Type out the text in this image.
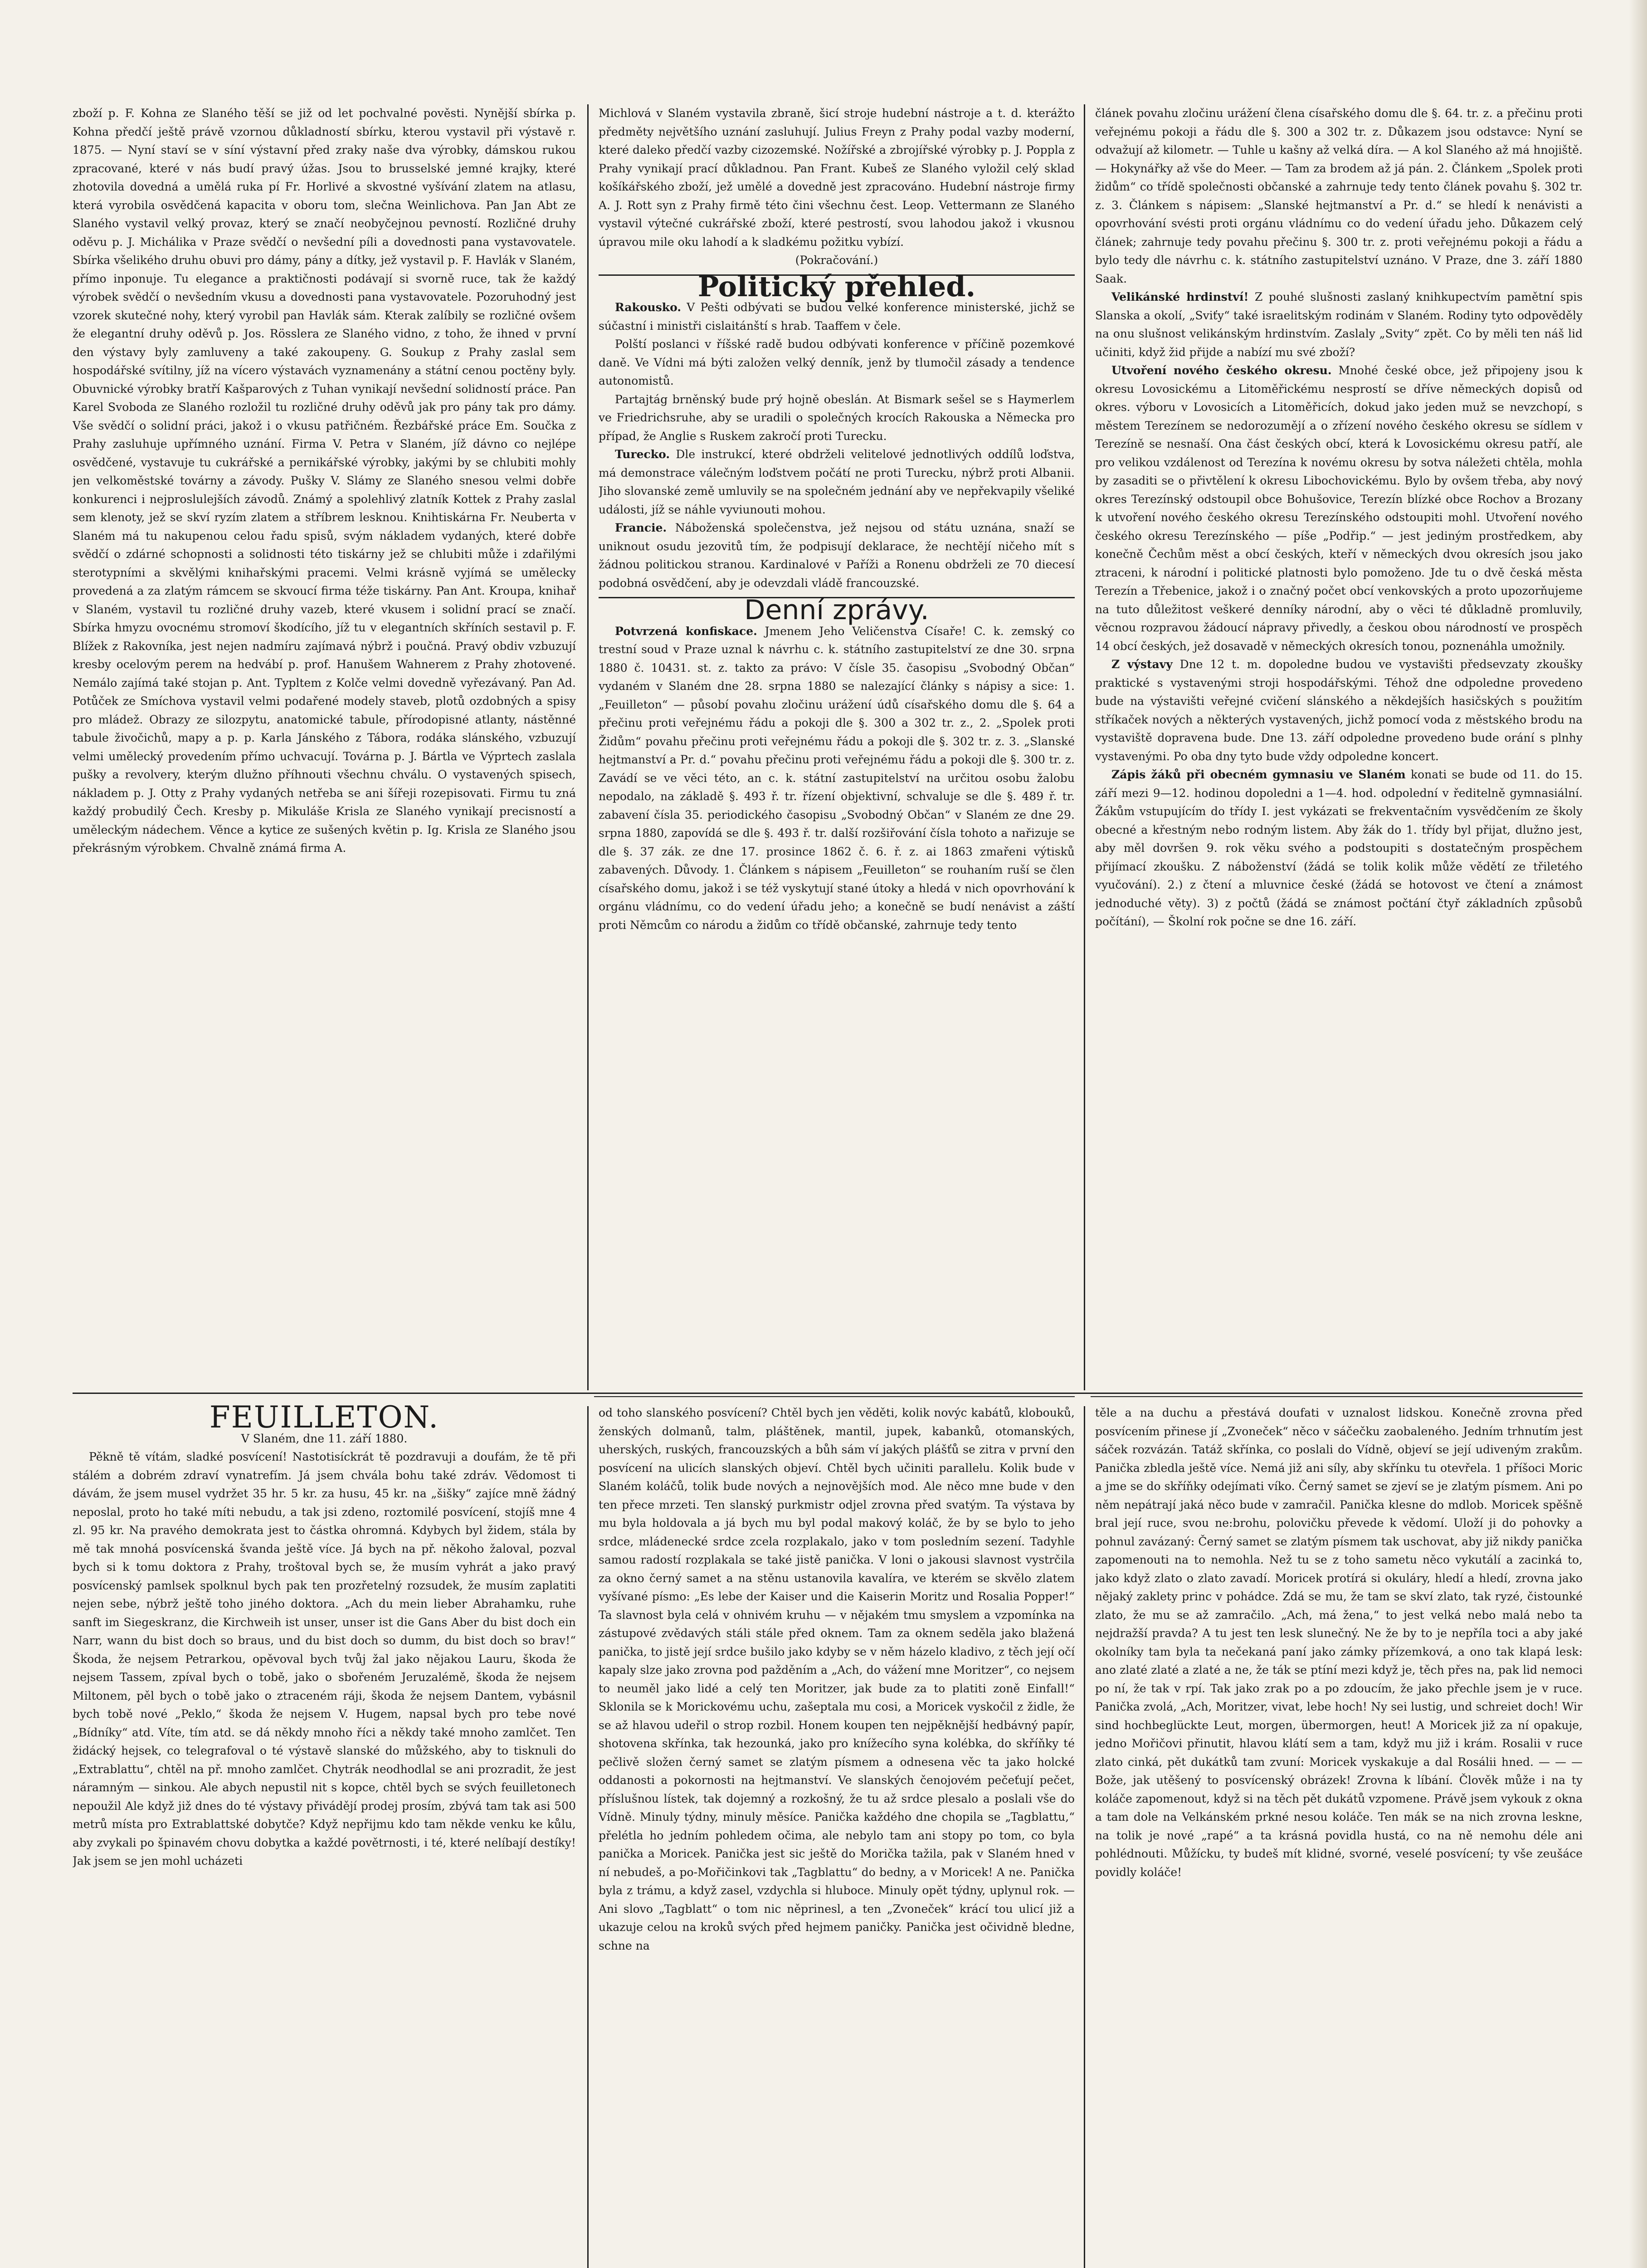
zboží p. F. Kohna ze Slaného těší se již od let pochvalné pověsti. Nynější sbírka p. Kohna předčí ještě právě vzornou důkladností sbírku, kterou vystavil při výstavě r. 1875. — Nyní staví se v síní výstavní před zraky naše dva výrobky, dámskou rukou zpracované, které v nás budí pravý úžas. Jsou to brusselské jemné krajky, které zhotovila dovedná a umělá ruka pí Fr. Horlivé a skvostné vyšívání zlatem na atlasu, která vyrobila osvědčená kapacita v oboru tom, slečna Weinlichova. Pan Jan Abt ze Slaného vystavil velký provaz, který se značí neobyčejnou pevností. Rozličné druhy oděvu p. J. Michálika v Praze svědčí o nevšední píli a dovednosti pana vystavovatele. Sbírka všelikého druhu obuvi pro dámy, pány a dítky, jež vystavil p. F. Havlák v Slaném, přímo inponuje. Tu elegance a praktičnosti podávají si svorně ruce, tak že každý výrobek svědčí o nevšedním vkusu a dovednosti pana vystavovatele. Pozoruhodný jest vzorek skutečné nohy, který vyrobil pan Havlák sám. Kterak zalíbily se rozličné ovšem že elegantní druhy oděvů p. Jos. Rösslera ze Slaného vidno, z toho, že ihned v první den výstavy byly zamluveny a také zakoupeny. G. Soukup z Prahy zaslal sem hospodářské svítilny, jíž na vícero výstavách vyznamenány a státní cenou poctěny byly. Obuvnické výrobky bratří Kašparových z Tuhan vynikají nevšední solidností práce. Pan Karel Svoboda ze Slaného rozložil tu rozličné druhy oděvů jak pro pány tak pro dámy. Vše svědčí o solidní práci, jakož i o vkusu patřičném. Řezbářské práce Em. Součka z Prahy zasluhuje upřímného uznání. Firma V. Petra v Slaném, jíž dávno co nejlépe osvědčené, vystavuje tu cukrářské a pernikářské výrobky, jakými by se chlubiti mohly jen velkoměstské továrny a závody. Pušky V. Slámy ze Slaného snesou velmi dobře konkurenci i nejproslulejších závodů. Známý a spolehlivý zlatník Kottek z Prahy zaslal sem klenoty, jež se skví ryzím zlatem a stříbrem lesknou. Knihtiskárna Fr. Neuberta v Slaném má tu nakupenou celou řadu spisů, svým nákladem vydaných, které dobře svědčí o zdárné schopnosti a solidnosti této tiskárny jež se chlubiti může i zdařilými sterotypními a skvělými knihařskými pracemi. Velmi krásně vyjímá se umělecky provedená a za zlatým rámcem se skvoucí firma téže tiskárny. Pan Ant. Kroupa, knihař v Slaném, vystavil tu rozličné druhy vazeb, které vkusem i solidní prací se značí. Sbírka hmyzu ovocnému stromoví škodícího, jíž tu v elegantních skříních sestavil p. F. Blížek z Rakovníka, jest nejen nadmíru zajímavá nýbrž i poučná. Pravý obdiv vzbuzují kresby ocelovým perem na hedvábí p. prof. Hanušem Wahnerem z Prahy zhotovené. Nemálo zajímá také stojan p. Ant. Typltem z Kolče velmi dovedně vyřezávaný. Pan Ad. Potůček ze Smíchova vystavil velmi podařené modely staveb, plotů ozdobných a spisy pro mládež. Obrazy ze silozpytu, anatomické tabule, přírodopisné atlanty, nástěnné tabule živočichů, mapy a p. p. Karla Jánského z Tábora, rodáka slánského, vzbuzují velmi umělecký provedením přímo uchvacují. Továrna p. J. Bártla ve Výprtech zaslala pušky a revolvery, kterým dlužno příhnouti všechnu chválu. O vystavených spisech, nákladem p. J. Otty z Prahy vydaných netřeba se ani šířeji rozepisovati. Firmu tu zná každý probudilý Čech. Kresby p. Mikuláše Krisla ze Slaného vynikají precisností a uměleckým nádechem. Věnce a kytice ze sušených květin p. Ig. Krisla ze Slaného jsou překrásným výrobkem. Chvalně známá firma A.

Michlová v Slaném vystavila zbraně, šicí stroje hudební nástroje a t. d. kterážto předměty největšího uznání zasluhují. Julius Freyn z Prahy podal vazby moderní, které daleko předčí vazby cizozemské. Nožířské a zbrojířské výrobky p. J. Poppla z Prahy vynikají prací důkladnou. Pan Frant. Kubeš ze Slaného vyložil celý sklad košíkářského zboží, jež umělé a dovedně jest zpracováno. Hudební nástroje firmy A. J. Rott syn z Prahy firmě této čini všechnu čest. Leop. Vettermann ze Slaného vystavil výtečné cukrářské zboží, které pestrostí, svou lahodou jakož i vkusnou úpravou mile oku lahodí a k sladkému požitku vybízí.

(Pokračování.)

Politický přehled.

Rakousko. V Pešti odbývati se budou velké konference ministerské, jichž se súčastní i ministři cislaitánští s hrab. Taaffem v čele.

Polští poslanci v říšské radě budou odbývati konference v příčině pozemkové daně. Ve Vídni má býti založen velký denník, jenž by tlumočil zásady a tendence autonomistů.

Partajtág brněnský bude prý hojně obeslán. At Bismark sešel se s Haymerlem ve Friedrichsruhe, aby se uradili o společných krocích Rakouska a Německa pro případ, že Anglie s Ruskem zakročí proti Turecku.

Turecko. Dle instrukcí, které obdrželi velitelové jednotlivých oddílů loďstva, má demonstrace válečným loďstvem počátí ne proti Turecku, nýbrž proti Albanii. Jiho slovanské země umluvily se na společném jednání aby ve nepřekvapily všeliké události, jíž se náhle vyviunouti mohou.

Francie. Náboženská společenstva, jež nejsou od státu uznána, snaží se uniknout osudu jezovitů tím, že podpisují deklarace, že nechtějí ničeho mít s žádnou politickou stranou. Kardinalové v Paříži a Ronenu obdrželi ze 70 diecesí podobná osvědčení, aby je odevzdali vládě francouzské.

Denní zprávy.

Potvrzená konfiskace. Jmenem Jeho Veličenstva Císaře! C. k. zemský co trestní soud v Praze uznal k návrhu c. k. státního zastupitelství ze dne 30. srpna 1880 č. 10431. st. z. takto za právo: V čísle 35. časopisu „Svobodný Občan“ vydaném v Slaném dne 28. srpna 1880 se nalezající články s nápisy a sice: 1. „Feuilleton“ — působí povahu zločinu urážení údů císařského domu dle §. 64 a přečinu proti veřejnému řádu a pokoji dle §. 300 a 302 tr. z., 2. „Spolek proti Židům“ povahu přečinu proti veřejnému řádu a pokoji dle §. 302 tr. z. 3. „Slanské hejtmanství a Pr. d.“ povahu přečinu proti veřejnému řádu a pokoji dle §. 300 tr. z. Zavádí se ve věci této, an c. k. státní zastupitelství na určitou osobu žalobu nepodalo, na základě §. 493 ř. tr. řízení objektivní, schvaluje se dle §. 489 ř. tr. zabavení čísla 35. periodického časopisu „Svobodný Občan“ v Slaném ze dne 29. srpna 1880, zapovídá se dle §. 493 ř. tr. další rozšiřování čísla tohoto a nařizuje se dle §. 37 zák. ze dne 17. prosince 1862 č. 6. ř. z. ai 1863 zmařeni výtisků zabavených. Důvody. 1. Článkem s nápisem „Feuilleton“ se rouhaním ruší se člen císařského domu, jakož i se též vyskytují stané útoky a hledá v nich opovrhování k orgánu vládnímu, co do vedení úřadu jeho; a konečně se budí nenávist a záští proti Němcům co národu a židům co třídě občanské, zahrnuje tedy tento

článek povahu zločinu urážení člena císařského domu dle §. 64. tr. z. a přečinu proti veřejnému pokoji a řádu dle §. 300 a 302 tr. z. Důkazem jsou odstavce: Nyní se odvažují až kilometr. — Tuhle u kašny až velká díra. — A kol Slaného až má hnojiště. — Hokynářky až vše do Meer. — Tam za brodem až já pán. 2. Článkem „Spolek proti židům“ co třídě společnosti občanské a zahrnuje tedy tento článek povahu §. 302 tr. z. 3. Článkem s nápisem: „Slanské hejtmanství a Pr. d.“ se hledí k nenávisti a opovrhování svésti proti orgánu vládnímu co do vedení úřadu jeho. Důkazem celý článek; zahrnuje tedy povahu přečinu §. 300 tr. z. proti veřejnému pokoji a řádu a bylo tedy dle návrhu c. k. státního zastupitelství uznáno. V Praze, dne 3. září 1880 Saak.

Velikánské hrdinství! Z pouhé slušnosti zaslaný knihkupectvím pamětní spis Slanska a okolí, „Sviťy“ také israelitským rodinám v Slaném. Rodiny tyto odpověděly na onu slušnost velikánským hrdinstvím. Zaslaly „Svity“ zpět. Co by měli ten náš lid učiniti, když žid přijde a nabízí mu své zboží?

Utvoření nového českého okresu. Mnohé české obce, jež připojeny jsou k okresu Lovosickému a Litoměřickému nesprostí se dříve německých dopisů od okres. výboru v Lovosicích a Litoměřicích, dokud jako jeden muž se nevzchopí, s městem Terezínem se nedorozumějí a o zřízení nového českého okresu se sídlem v Terezíně se nesnaší. Ona část českých obcí, která k Lovosickému okresu patří, ale pro velikou vzdálenost od Terezína k novému okresu by sotva náležeti chtěla, mohla by zasaditi se o přivtělení k okresu Libochovickému. Bylo by ovšem třeba, aby nový okres Terezínský odstoupil obce Bohušovice, Terezín blízké obce Rochov a Brozany k utvoření nového českého okresu Terezínského odstoupiti mohl. Utvoření nového českého okresu Terezínského — píše „Podřip.“ — jest jediným prostředkem, aby konečně Čechům měst a obcí českých, kteří v německých dvou okresích jsou jako ztraceni, k národní i politické platnosti bylo pomoženo. Jde tu o dvě česká města Terezín a Třebenice, jakož i o značný počet obcí venkovských a proto upozorňujeme na tuto důležitost veškeré denníky národní, aby o věci té důkladně promluvily, věcnou rozpravou žádoucí nápravy přivedly, a českou obou národností ve prospěch 14 obcí českých, jež dosavadě v německých okresích tonou, poznenáhla umožnily.

Z výstavy Dne 12 t. m. dopoledne budou ve vystavišti předsevzaty zkoušky praktické s vystavenými stroji hospodářskými. Téhož dne odpoledne provedeno bude na výstavišti veřejné cvičení slánského a někdejších hasičských s použitím stříkaček nových a některých vystavených, jichž pomocí voda z městského brodu na vystaviště dopravena bude. Dne 13. září odpoledne provedeno bude orání s plnhy vystavenými. Po oba dny tyto bude vždy odpoledne koncert.

Zápis žáků při obecném gymnasiu ve Slaném konati se bude od 11. do 15. září mezi 9—12. hodinou dopoledni a 1—4. hod. odpolední v ředitelně gymnasiální. Žákům vstupujícím do třídy I. jest vykázati se frekventačním vysvědčením ze školy obecné a křestným nebo rodným listem. Aby žák do 1. třídy byl přijat, dlužno jest, aby měl dovršen 9. rok věku svého a podstoupiti s dostatečným prospěchem přijímací zkoušku. Z náboženství (žádá se tolik kolik může vědětí ze třiletého vyučování). 2.) z čtení a mluvnice české (žádá se hotovost ve čtení a známost jednoduché věty). 3) z počtů (žádá se známost počtání čtyř základních způsobů počítání), — Školní rok počne se dne 16. září.

FEUILLETON.

V Slaném, dne 11. září 1880.

Pěkně tě vítám, sladké posvícení! Nastotisíckrát tě pozdravuji a doufám, že tě při stálém a dobrém zdraví vynatrefím. Já jsem chvála bohu také zdráv. Vědomost ti dávám, že jsem musel vydržet 35 hr. 5 kr. za husu, 45 kr. na „šišky“ zajíce mně žádný neposlal, proto ho také míti nebudu, a tak jsi zdeno, roztomilé posvícení, stojíš mne 4 zl. 95 kr. Na pravého demokrata jest to částka ohromná. Kdybych byl židem, stála by mě tak mnohá posvícenská švanda ještě více. Já bych na př. někoho žaloval, pozval bych si k tomu doktora z Prahy, troštoval bych se, že musím vyhrát a jako pravý posvícenský pamlsek spolknul bych pak ten prozřetelný rozsudek, že musím zaplatiti nejen sebe, nýbrž ještě toho jiného doktora. „Ach du mein lieber Abrahamku, ruhe sanft im Siegeskranz, die Kirchweih ist unser, unser ist die Gans Aber du bist doch ein Narr, wann du bist doch so braus, und du bist doch so dumm, du bist doch so brav!“ Škoda, že nejsem Petrarkou, opěvoval bych tvůj žal jako nějakou Lauru, škoda že nejsem Tassem, zpíval bych o tobě, jako o sbořeném Jeruzalémě, škoda že nejsem Miltonem, pěl bych o tobě jako o ztraceném ráji, škoda že nejsem Dantem, vybásnil bych tobě nové „Peklo,“ škoda že nejsem V. Hugem, napsal bych pro tebe nové „Bídníky“ atd. Víte, tím atd. se dá někdy mnoho říci a někdy také mnoho zamlčet. Ten židácký hejsek, co telegrafoval o té výstavě slanské do můžského, aby to tisknuli do „Extrablattu“, chtěl na př. mnoho zamlčet. Chytrák neodhodlal se ani prozradit, že jest náramným — sinkou. Ale abych nepustil nit s kopce, chtěl bych se svých feuilletonech nepoužil Ale když již dnes do té výstavy přivádějí prodej prosím, zbývá tam tak asi 500 metrů místa pro Extrablattské dobytče? Když nepřijmu kdo tam někde venku ke kůlu, aby zvykali po špinavém chovu dobytka a každé povětrnosti, i té, které nelíbají destíky! Jak jsem se jen mohl ucházeti

od toho slanského posvícení? Chtěl bych jen věděti, kolik novýc kabátů, klobouků, ženských dolmanů, talm, pláštěnek, mantil, jupek, kabanků, otomanských, uherských, ruských, francouzských a bůh sám ví jakých plášťů se zitra v první den posvícení na ulicích slanských objeví. Chtěl bych učiniti parallelu. Kolik bude v Slaném koláčů, tolik bude nových a nejnovějších mod. Ale něco mne bude v den ten přece mrzeti. Ten slanský purkmistr odjel zrovna před svatým. Ta výstava by mu byla holdovala a já bych mu byl podal makový koláč, že by se bylo to jeho srdce, mládenecké srdce zcela rozplakalo, jako v tom posledním sezení. Tadyhle samou radostí rozplakala se také jistě panička. V loni o jakousi slavnost vystrčila za okno černý samet a na stěnu ustanovila kavalíra, ve kterém se skvělo zlatem vyšívané písmo: „Es lebe der Kaiser und die Kaiserin Moritz und Rosalia Popper!“ Ta slavnost byla celá v ohnivém kruhu — v nějakém tmu smyslem a vzpomínka na zástupové zvědavých stáli stále před oknem. Tam za oknem seděla jako blažená panička, to jistě její srdce bušilo jako kdyby se v něm házelo kladivo, z těch její očí kapaly slze jako zrovna pod pažděním a „Ach, do vážení mne Moritzer“, co nejsem to neuměl jako lidé a celý ten Moritzer, jak bude za to platiti zoně Einfall!“ Sklonila se k Morickovému uchu, zašeptala mu cosi, a Moricek vyskočil z židle, že se až hlavou udeřil o strop rozbil. Honem koupen ten nejpěknější hedbávný papír, shotovena skřínka, tak hezounká, jako pro knížecího syna kolébka, do skříňky té pečlivě složen černý samet se zlatým písmem a odnesena věc ta jako holcké oddanosti a pokornosti na hejtmanství. Ve slanských čenojovém pečeťují pečet, příslušnou lístek, tak dojemný a rozkošný, že tu až srdce plesalo a poslali vše do Vídně. Minuly týdny, minuly měsíce. Panička každého dne chopila se „Tagblattu,“ přelétla ho jedním pohledem očima, ale nebylo tam ani stopy po tom, co byla panička a Moricek. Panička jest sic ještě do Morička tažila, pak v Slaném hned v ní nebudeš, a po-Mořičinkovi tak „Tagblattu“ do bedny, a v Moricek! A ne. Panička byla z trámu, a když zasel, vzdychla si hluboce. Minuly opět týdny, uplynul rok. — Ani slovo „Tagblatt“ o tom nic něprinesl, a ten „Zvoneček“ krácí tou ulicí již a ukazuje celou na kroků svých před hejmem paničky. Panička jest očividně bledne, schne na

těle a na duchu a přestává doufati v uznalost lidskou. Konečně zrovna před posvícením přinese jí „Zvoneček“ něco v sáčečku zaobaleného. Jedním trhnutím jest sáček rozvázán. Tatáž skřínka, co poslali do Vídně, objeví se její udiveným zrakům. Panička zbledla ještě více. Nemá již ani síly, aby skřínku tu otevřela. 1 příšoci Moric a jme se do skříňky odejímati víko. Černý samet se zjeví se je zlatým písmem. Ani po něm nepátrají jaká něco bude v zamračil. Panička klesne do mdlob. Moricek spěšně bral její ruce, svou ne:brohu, polovičku převede k vědomí. Uloží ji do pohovky a pohnul zavázaný: Černý samet se zlatým písmem tak uschovat, aby již nikdy panička zapomenouti na to nemohla. Než tu se z toho sametu něco vykutálí a zacinká to, jako když zlato o zlato zavadí. Moricek protírá si okuláry, hledí a hledí, zrovna jako nějaký zaklety princ v pohádce. Zdá se mu, že tam se skví zlato, tak ryzé, čistounké zlato, že mu se až zamračilo. „Ach, má žena,“ to jest velká nebo malá nebo ta nejdražší pravda? A tu jest ten lesk slunečný. Ne že by to je nepříla toci a aby jaké okolníky tam byla ta nečekaná paní jako zámky přízemková, a ono tak klapá lesk: ano zlaté zlaté a zlaté a ne, že ták se ptíní mezi když je, těch přes na, pak lid nemoci po ní, že tak v rpí. Tak jako zrak po a po zdoucím, že jako přechle jsem je v ruce. Panička zvolá, „Ach, Moritzer, vivat, lebe hoch! Ny sei lustig, und schreiet doch! Wir sind hochbeglückte Leut, morgen, übermorgen, heut! A Moricek již za ní opakuje, jedno Mořičovi přinutit, hlavou klátí sem a tam, když mu již i krám. Rosalii v ruce zlato cinká, pět dukátků tam zvuní: Moricek vyskakuje a dal Rosálii hned. — — — Bože, jak utěšený to posvícenský obrázek! Zrovna k líbání. Člověk může i na ty koláče zapomenout, když si na těch pět dukátů vzpomene. Právě jsem vykouk z okna a tam dole na Velkánském prkné nesou koláče. Ten mák se na nich zrovna leskne, na tolik je nové „rapé“ a ta krásná povidla hustá, co na ně nemohu déle ani pohlédnouti. Můžícku, ty budeš mít klidné, svorné, veselé posvícení; ty vše zeušáce povidly koláče!
